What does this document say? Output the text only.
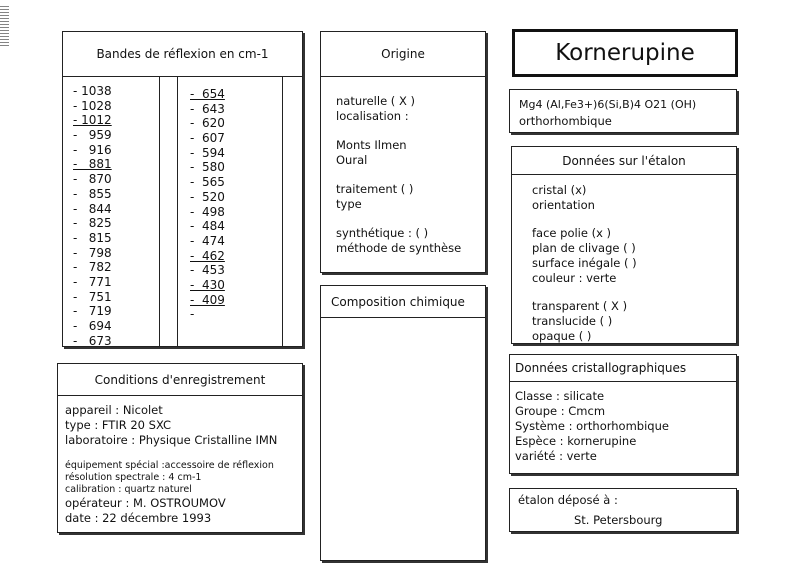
Bandes de réflexion en cm-1
- 1038
- 1028
- 1012
-   959
-   916
-   881
-   870
-   855
-   844
-   825
-   815
-   798
-   782
-   771
-   751
-   719
-   694
-   673
-  654
-  643
-  620
-  607
-  594
-  580
-  565
-  520
-  498
-  484
-  474
-  462
-  453
-  430
-  409
-
Origine
naturelle ( X )
localisation :
Monts Ilmen
Oural
traitement ( )
type
synthétique : ( )
méthode de synthèse
Composition chimique
Kornerupine
Mg4 (Al,Fe3+)6(Si,B)4 O21 (OH)
orthorhombique
Données sur l'étalon
cristal (x)
orientation
face polie (x )
plan de clivage ( )
surface inégale ( )
couleur : verte
transparent ( X )
translucide ( )
opaque ( )
Données cristallographiques
Classe : silicate
Groupe : Cmcm
Système : orthorhombique
Espèce : kornerupine
variété : verte
étalon déposé à :
St. Petersbourg
Conditions d'enregistrement
appareil : Nicolet
type : FTIR 20 SXC
laboratoire : Physique Cristalline IMN
équipement spécial :accessoire de réflexion
résolution spectrale : 4 cm-1
calibration : quartz naturel
opérateur : M. OSTROUMOV
date : 22 décembre 1993
